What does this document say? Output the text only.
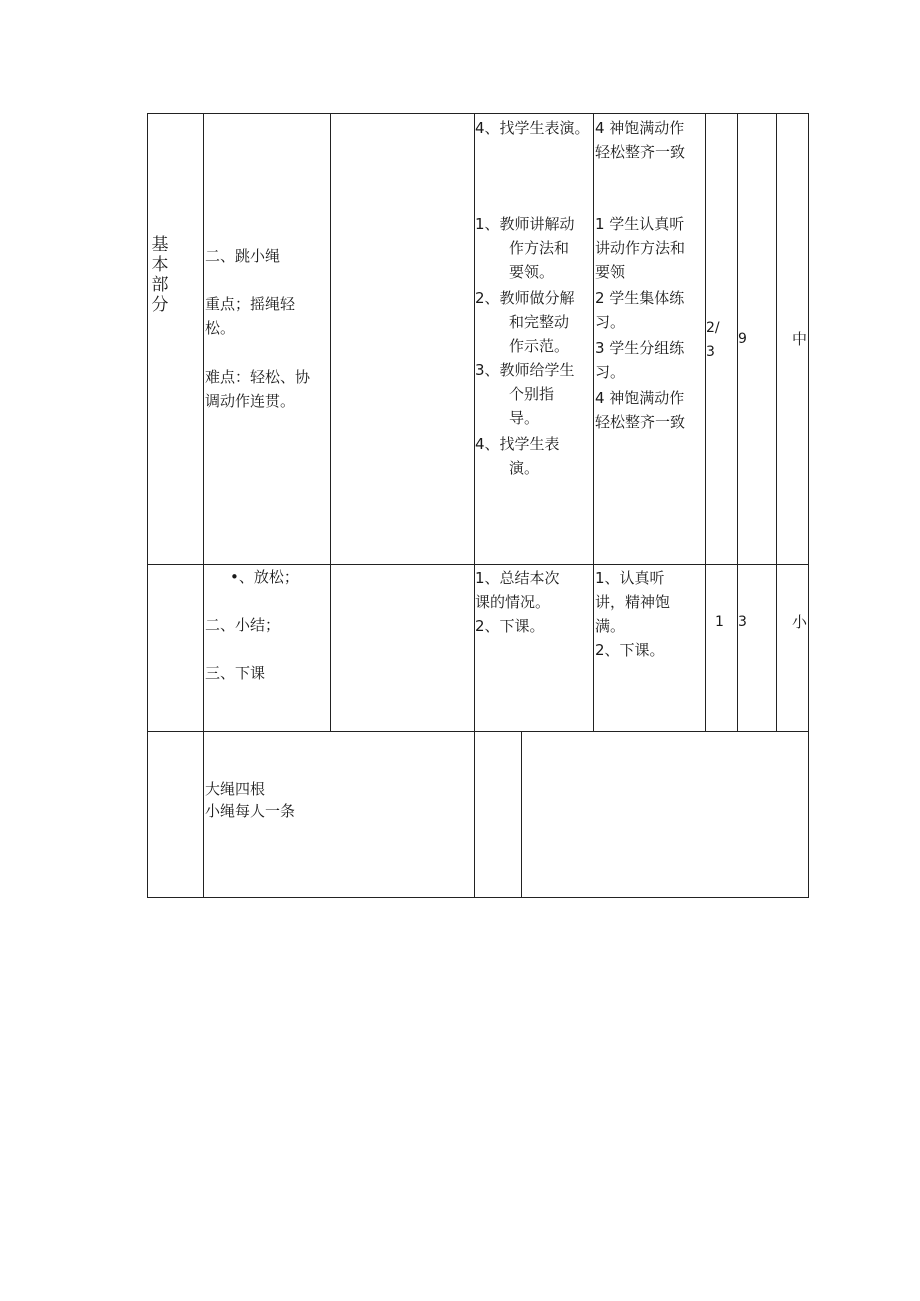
基本部分
二、跳小绳
重点；摇绳轻
松。
难点：轻松、协
调动作连贯。
4、找学生表演。
1、教师讲解动
作方法和
要领。
2、教师做分解
和完整动
作示范。
3、教师给学生
个别指
导。
4、找学生表
演。
4 神饱满动作
轻松整齐一致
1 学生认真听
讲动作方法和
要领
2 学生集体练
习。
3 学生分组练
习。
4 神饱满动作
轻松整齐一致
2/
3
9	中
•、放松；
二、小结；
三、下课
1、总结本次
课的情况。
2、下课。
1、认真听
讲，精神饱
满。
2、下课。
1 3	小
大绳四根
小绳每人一条
